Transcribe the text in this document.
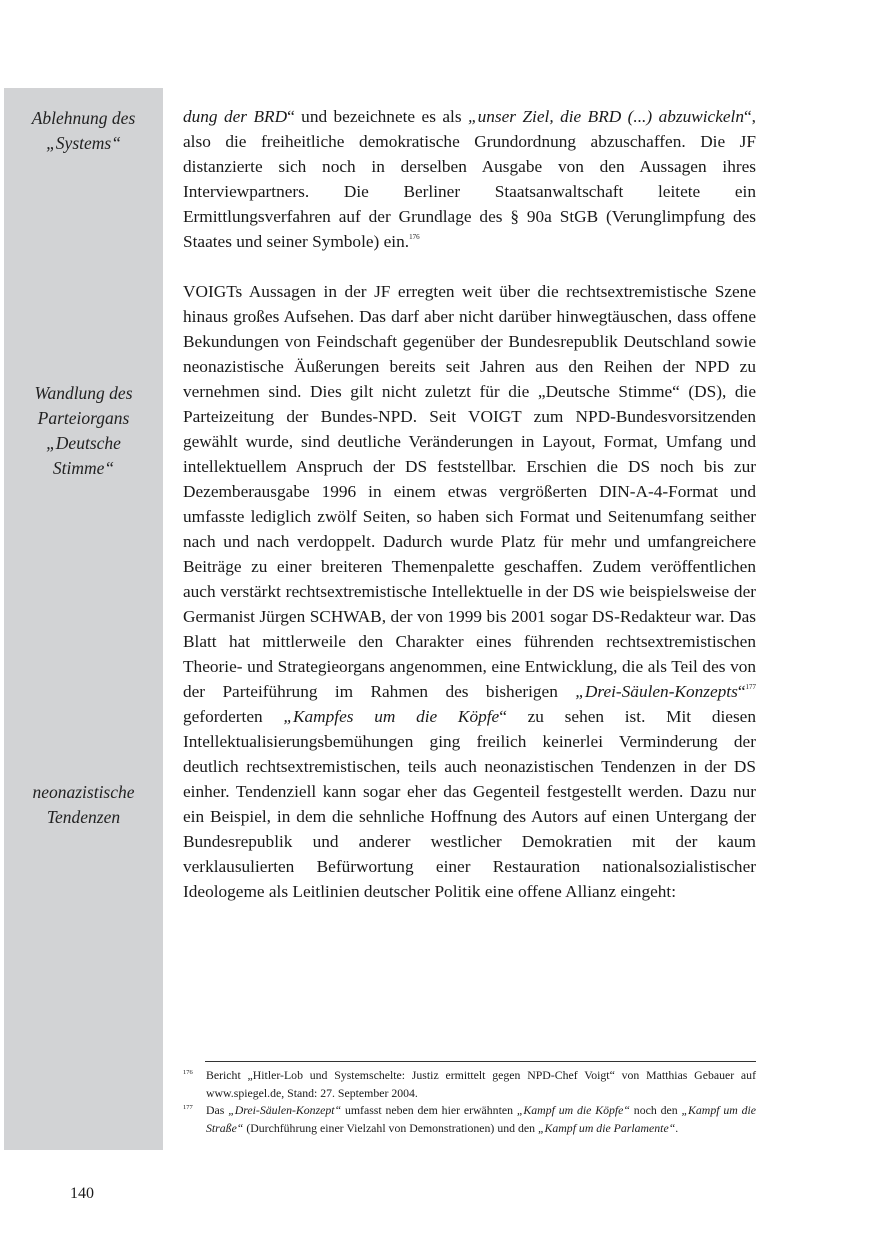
Ablehnung des
„Systems“
Wandlung des
Parteiorgans
„Deutsche
Stimme“
neonazistische
Tendenzen

dung der BRD“ und bezeichnete es als „unser Ziel, die BRD (...) abzuwickeln“, also die freiheitliche demokratische Grundordnung abzuschaffen. Die JF distanzierte sich noch in derselben Ausgabe von den Aussagen ihres Interviewpartners. Die Berliner Staatsanwaltschaft leitete ein Ermittlungsverfahren auf der Grundlage des § 90a StGB (Verunglimpfung des Staates und seiner Symbole) ein.$^{176}$

VOIGTs Aussagen in der JF erregten weit über die rechtsextremistische Szene hinaus großes Aufsehen. Das darf aber nicht darüber hinwegtäuschen, dass offene Bekundungen von Feindschaft gegenüber der Bundesrepublik Deutschland sowie neonazistische Äußerungen bereits seit Jahren aus den Reihen der NPD zu vernehmen sind. Dies gilt nicht zuletzt für die „Deutsche Stimme“ (DS), die Parteizeitung der Bundes-NPD. Seit VOIGT zum NPD-Bundesvorsitzenden gewählt wurde, sind deutliche Veränderungen in Layout, Format, Umfang und intellektuellem Anspruch der DS feststellbar. Erschien die DS noch bis zur Dezemberausgabe 1996 in einem etwas vergrößerten DIN-A-4-Format und umfasste lediglich zwölf Seiten, so haben sich Format und Seitenumfang seither nach und nach verdoppelt. Dadurch wurde Platz für mehr und umfangreichere Beiträge zu einer breiteren Themenpalette geschaffen. Zudem veröffentlichen auch verstärkt rechtsextremistische Intellektuelle in der DS wie beispielsweise der Germanist Jürgen SCHWAB, der von 1999 bis 2001 sogar DS-Redakteur war. Das Blatt hat mittlerweile den Charakter eines führenden rechtsextremistischen Theorie- und Strategieorgans angenommen, eine Entwicklung, die als Teil des von der Parteiführung im Rahmen des bisherigen „Drei-Säulen-Konzepts“$^{177}$ geforderten „Kampfes um die Köpfe“ zu sehen ist. Mit diesen Intellektualisierungsbemühungen ging freilich keinerlei Verminderung der deutlich rechtsextremistischen, teils auch neonazistischen Tendenzen in der DS einher. Tendenziell kann sogar eher das Gegenteil festgestellt werden. Dazu nur ein Beispiel, in dem die sehnliche Hoffnung des Autors auf einen Untergang der Bundesrepublik und anderer westlicher Demokratien mit der kaum verklausulierten Befürwortung einer Restauration nationalsozialistischer Ideologeme als Leitlinien deutscher Politik eine offene Allianz eingeht:

176 Bericht „Hitler-Lob und Systemschelte: Justiz ermittelt gegen NPD-Chef Voigt“ von Matthias Gebauer auf www.spiegel.de, Stand: 27. September 2004.
177 Das „Drei-Säulen-Konzept“ umfasst neben dem hier erwähnten „Kampf um die Köpfe“ noch den „Kampf um die Straße“ (Durchführung einer Vielzahl von Demonstrationen) und den „Kampf um die Parlamente“.
140
